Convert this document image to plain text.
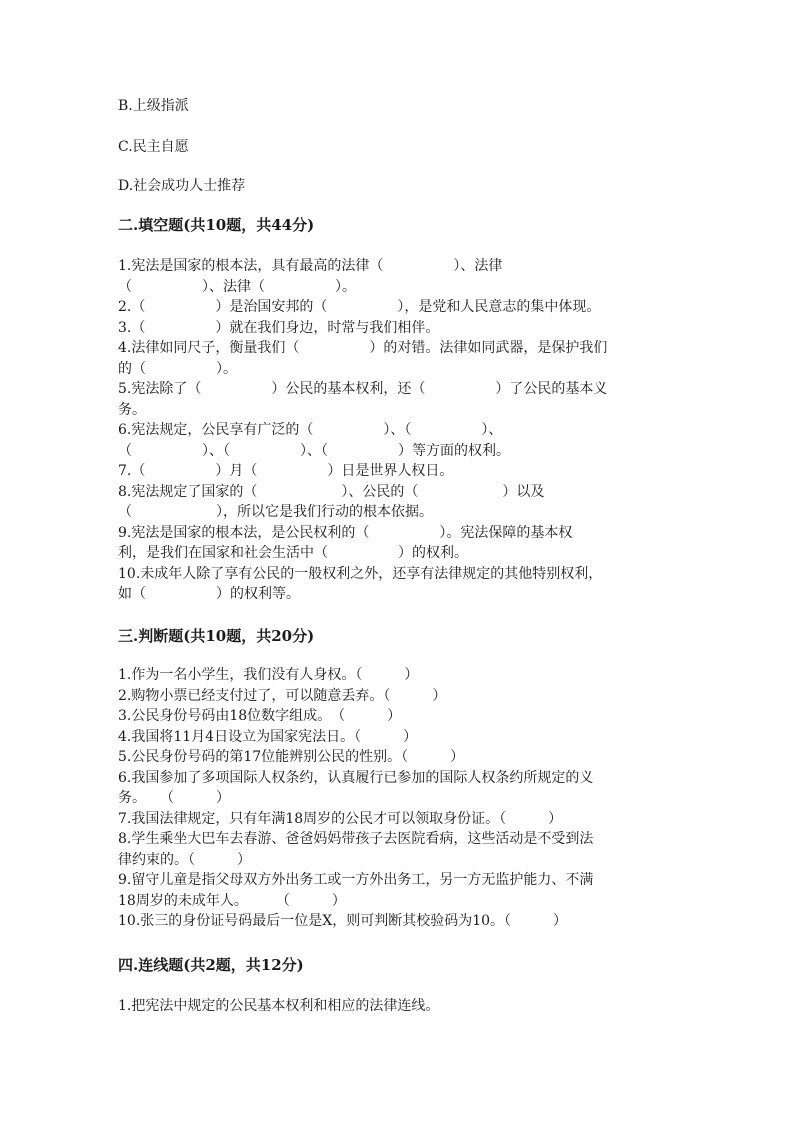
B.上级指派
C.民主自愿
D.社会成功人士推荐
二.填空题(共10题，共44分)
1.宪法是国家的根本法，具有最高的法律（　　　　　）、法律
（　　　　　）、法律（　　　　　）。
2.（　　　　　）是治国安邦的（　　　　　），是党和人民意志的集中体现。
3.（　　　　　）就在我们身边，时常与我们相伴。
4.法律如同尺子，衡量我们（　　　　　）的对错。法律如同武器，是保护我们
的（　　　　　）。
5.宪法除了（　　　　　）公民的基本权利，还（　　　　　）了公民的基本义
务。
6.宪法规定，公民享有广泛的（　　　　　）、（　　　　　）、
（　　　　　）、（　　　　　）、（　　　　　）等方面的权利。
7.（　　　　　）月（　　　　　）日是世界人权日。
8.宪法规定了国家的（　　　　　　）、公民的（　　　　　　）以及
（　　　　　　），所以它是我们行动的根本依据。
9.宪法是国家的根本法，是公民权利的（　　　　　）。宪法保障的基本权
利，是我们在国家和社会生活中（　　　　　）的权利。
10.未成年人除了享有公民的一般权利之外，还享有法律规定的其他特别权利，
如（　　　　　）的权利等。
三.判断题(共10题，共20分)
1.作为一名小学生，我们没有人身权。（　　　）
2.购物小票已经支付过了，可以随意丢弃。（　　　）
3.公民身份号码由18位数字组成。　（　　　）
4.我国将11月4日设立为国家宪法日。（　　　）
5.公民身份号码的第17位能辨别公民的性别。（　　　）
6.我国参加了多项国际人权条约，认真履行已参加的国际人权条约所规定的义
务。　　（　　　）
7.我国法律规定，只有年满18周岁的公民才可以领取身份证。（　　　）
8.学生乘坐大巴车去春游、爸爸妈妈带孩子去医院看病，这些活动是不受到法
律约束的。（　　　）
9.留守儿童是指父母双方外出务工或一方外出务工，另一方无监护能力、不满
18周岁的未成年人。　　　（　　　）
10.张三的身份证号码最后一位是X，则可判断其校验码为10。（　　　）
四.连线题(共2题，共12分)
1.把宪法中规定的公民基本权利和相应的法律连线。
